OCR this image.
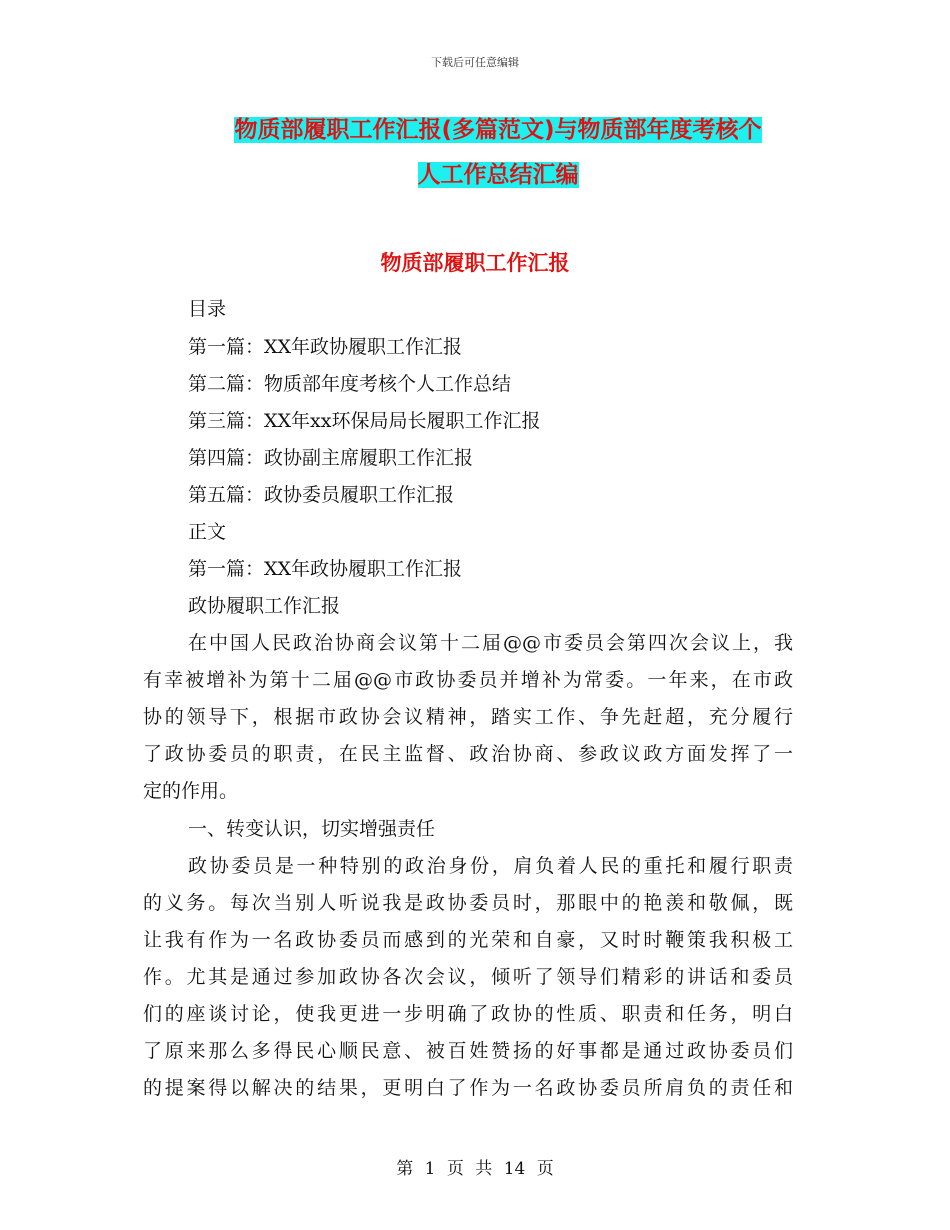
下载后可任意编辑
物质部履职工作汇报(多篇范文)与物质部年度考核个
人工作总结汇编
物质部履职工作汇报
目录
第一篇：XX年政协履职工作汇报
第二篇：物质部年度考核个人工作总结
第三篇：XX年xx环保局局长履职工作汇报
第四篇：政协副主席履职工作汇报
第五篇：政协委员履职工作汇报
正文
第一篇：XX年政协履职工作汇报
政协履职工作汇报
在中国人民政治协商会议第十二届@@市委员会第四次会议上，我
有幸被增补为第十二届@@市政协委员并增补为常委。一年来，在市政
协的领导下，根据市政协会议精神，踏实工作、争先赶超，充分履行
了政协委员的职责，在民主监督、政治协商、参政议政方面发挥了一
定的作用。
一、转变认识，切实增强责任
政协委员是一种特别的政治身份，肩负着人民的重托和履行职责
的义务。每次当别人听说我是政协委员时，那眼中的艳羡和敬佩，既
让我有作为一名政协委员而感到的光荣和自豪，又时时鞭策我积极工
作。尤其是通过参加政协各次会议，倾听了领导们精彩的讲话和委员
们的座谈讨论，使我更进一步明确了政协的性质、职责和任务，明白
了原来那么多得民心顺民意、被百姓赞扬的好事都是通过政协委员们
的提案得以解决的结果，更明白了作为一名政协委员所肩负的责任和
第 1 页 共 14 页
